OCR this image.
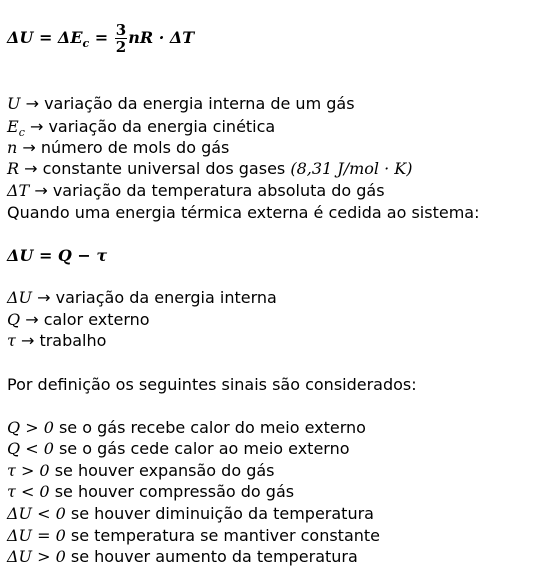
$\Delta U = \Delta E_c = \frac{3}{2}$ nR · ΔT
U → variação da energia interna de um gás
$E_c$ → variação da energia cinética
n → número de mols do gás
R → constante universal dos gases (8,31 J/mol · K)
ΔT → variação da temperatura absoluta do gás
Quando uma energia térmica externa é cedida ao sistema:
ΔU = Q − τ
ΔU → variação da energia interna
Q → calor externo
τ → trabalho
Por definição os seguintes sinais são considerados:
Q > 0 se o gás recebe calor do meio externo
Q < 0 se o gás cede calor ao meio externo
τ > 0 se houver expansão do gás
τ < 0 se houver compressão do gás
ΔU < 0 se houver diminuição da temperatura
ΔU = 0 se temperatura se mantiver constante
ΔU > 0 se houver aumento da temperatura
